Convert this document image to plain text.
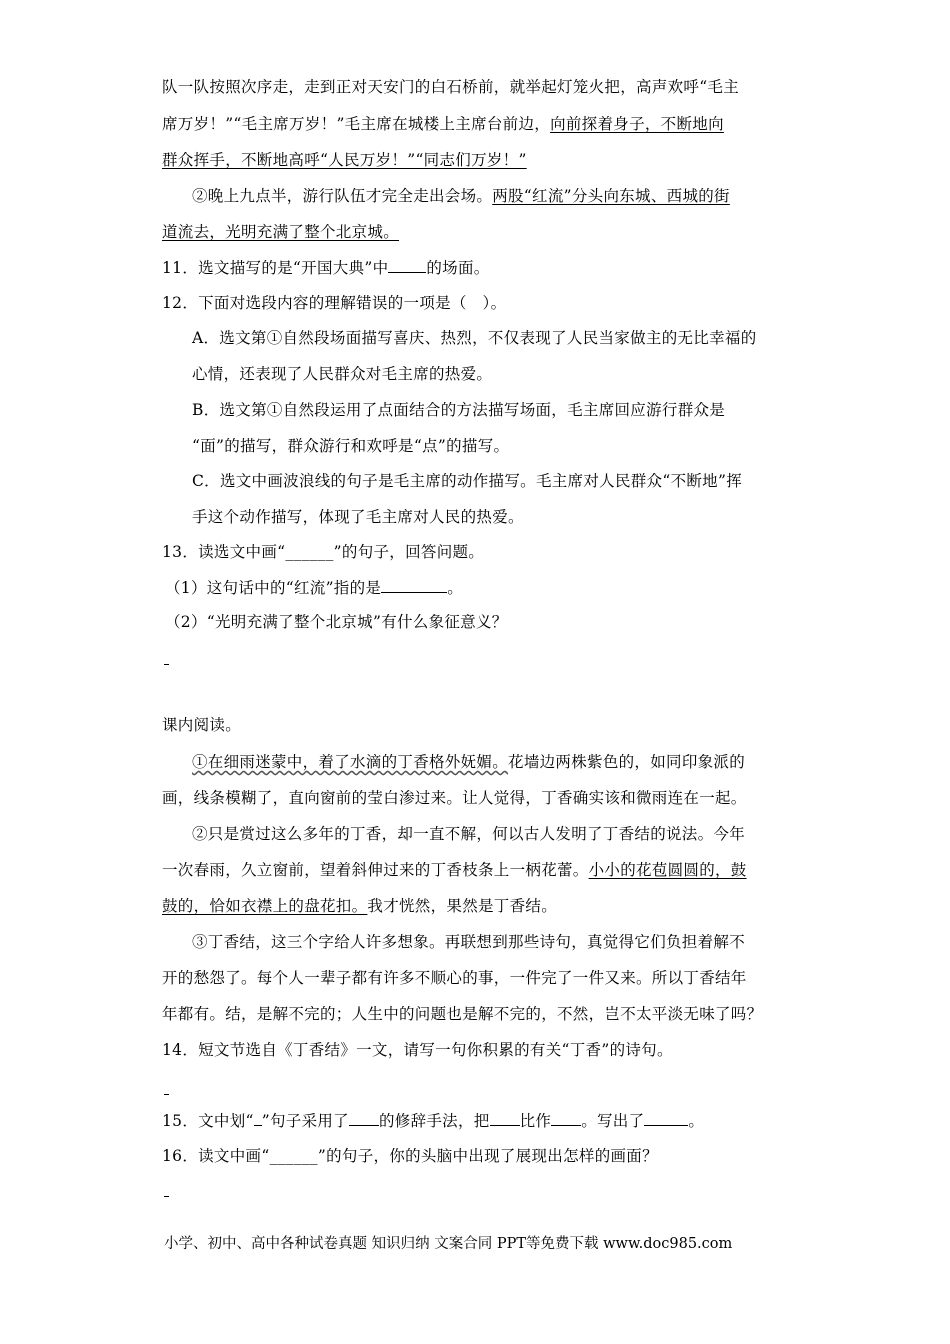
队一队按照次序走，走到正对天安门的白石桥前，就举起灯笼火把，高声欢呼“毛主
席万岁！”“毛主席万岁！”毛主席在城楼上主席台前边，向前探着身子，不断地向
群众挥手，不断地高呼“人民万岁！”“同志们万岁！”
②晚上九点半，游行队伍才完全走出会场。两股“红流”分头向东城、西城的街
道流去，光明充满了整个北京城。
11．选文描写的是“开国大典”中 的场面。
12．下面对选段内容的理解错误的一项是（　）。
A．选文第①自然段场面描写喜庆、热烈，不仅表现了人民当家做主的无比幸福的
心情，还表现了人民群众对毛主席的热爱。
B．选文第①自然段运用了点面结合的方法描写场面，毛主席回应游行群众是
“面”的描写，群众游行和欢呼是“点”的描写。
C．选文中画波浪线的句子是毛主席的动作描写。毛主席对人民群众“不断地”挥
手这个动作描写，体现了毛主席对人民的热爱。
13．读选文中画“______”的句子，回答问题。
（1）这句话中的“红流”指的是	。
（2）“光明充满了整个北京城”有什么象征意义？
课内阅读。
①在细雨迷蒙中，着了水滴的丁香格外妩媚。花墙边两株紫色的，如同印象派的
画，线条模糊了，直向窗前的莹白渗过来。让人觉得，丁香确实该和微雨连在一起。
②只是赏过这么多年的丁香，却一直不解，何以古人发明了丁香结的说法。今年
一次春雨，久立窗前，望着斜伸过来的丁香枝条上一柄花蕾。小小的花苞圆圆的，鼓
鼓的，恰如衣襟上的盘花扣。我才恍然，果然是丁香结。
③丁香结，这三个字给人许多想象。再联想到那些诗句，真觉得它们负担着解不
开的愁怨了。每个人一辈子都有许多不顺心的事，一件完了一件又来。所以丁香结年
年都有。结，是解不完的；人生中的问题也是解不完的，不然，岂不太平淡无味了吗？
14．短文节选自《丁香结》一文，请写一句你积累的有关“丁香”的诗句。
15．文中划“ ”句子采用了 的修辞手法，把 比作 。写出了	。
16．读文中画“______”的句子，你的头脑中出现了展现出怎样的画面？
小学、初中、高中各种试卷真题 知识归纳 文案合同 PPT等免费下载 www.doc985.com
